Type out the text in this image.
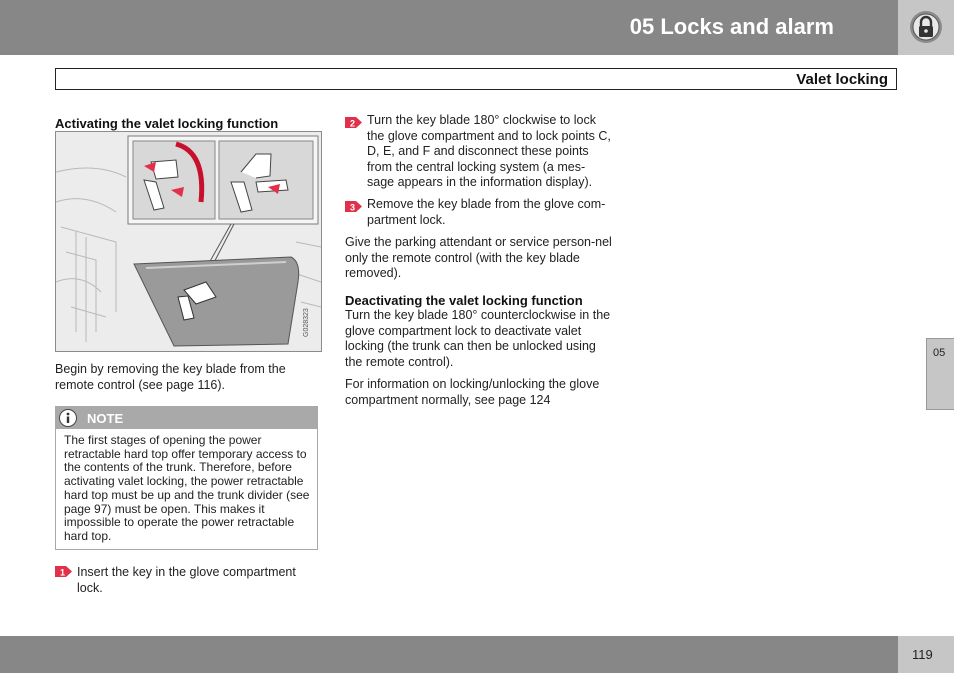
05 Locks and alarm
Valet locking
Activating the valet locking function
G028323
Begin by removing the key blade from the remote control (see page 116).
NOTE
The first stages of opening the power retractable hard top offer temporary access to the contents of the trunk. Therefore, before activating valet locking, the power retractable hard top must be up and the trunk divider (see page 97) must be open. This makes it impossible to operate the power retractable hard top.
1 Insert the key in the glove compartment lock.
2 Turn the key blade 180° clockwise to lock the glove compartment and to lock points C, D, E, and F and disconnect these points from the central locking system (a mes-sage appears in the information display).
3 Remove the key blade from the glove com-partment lock.
Give the parking attendant or service person-nel only the remote control (with the key blade removed).
Deactivating the valet locking function
Turn the key blade 180° counterclockwise in the glove compartment lock to deactivate valet locking (the trunk can then be unlocked using the remote control).
For information on locking/unlocking the glove compartment normally, see page 124
05
119
